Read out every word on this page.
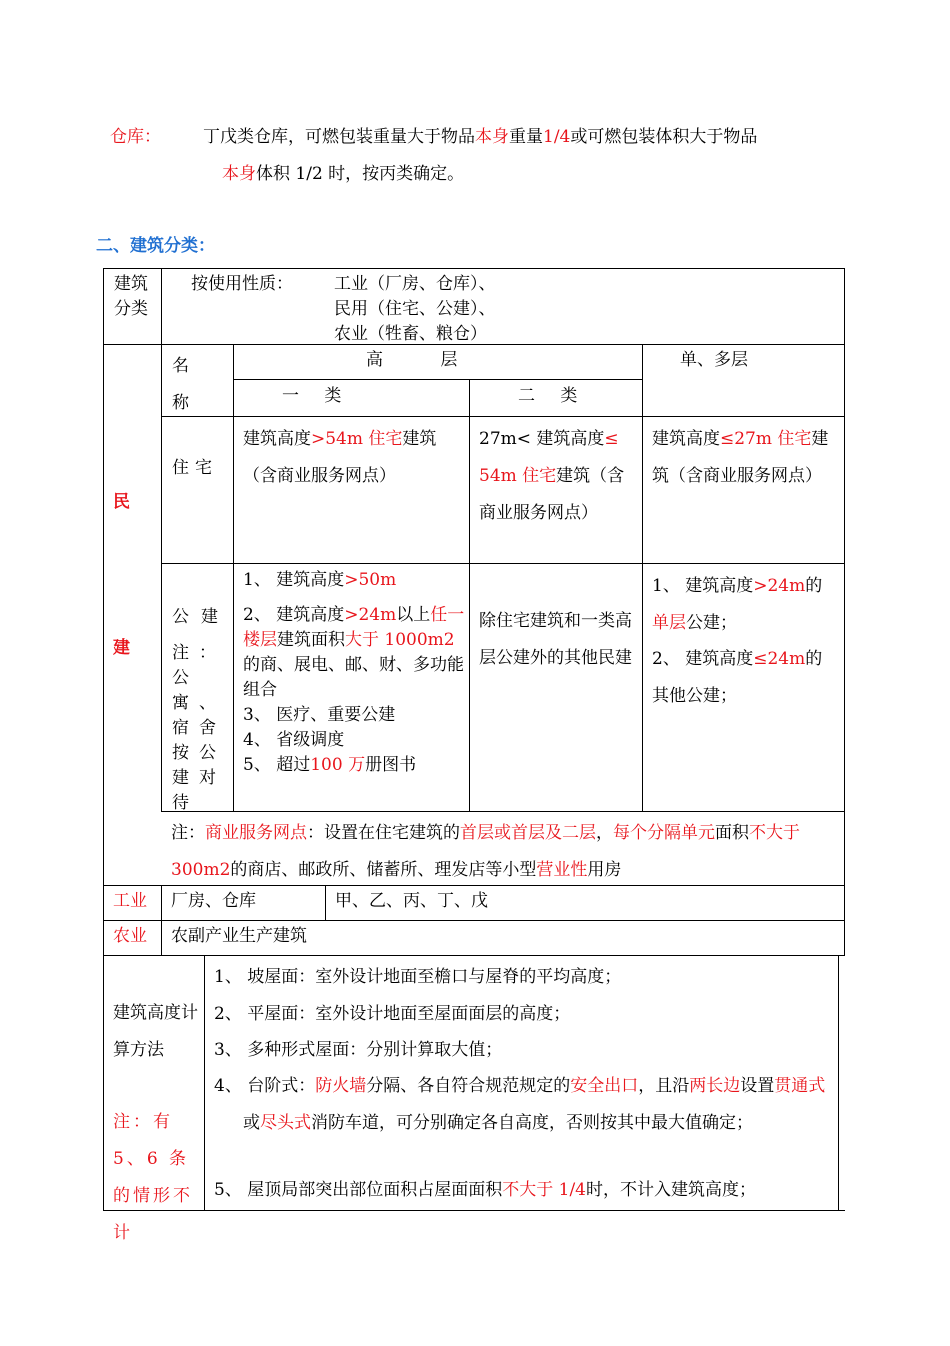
仓库： 丁戊类仓库，可燃包装重量大于物品本身重量1/4或可燃包装体积大于物品
本身体积 1/2 时，按丙类确定。
二、建筑分类：
建筑分类
按使用性质： 工业（厂房、仓库）、
民用（住宅、公建）、
农业（牲畜、粮仓）
民
建
名称
高 层
一 类	二 类
单、多层
住宅
建筑高度>54m 住宅建筑（含商业服务网点）
27m< 建筑高度≤ 54m 住宅建筑（含商业服务网点）
建筑高度≤27m 住宅建筑（含商业服务网点）
公建
注：公寓、宿舍按公建对待
1、 建筑高度>50m
2、 建筑高度>24m以上任一楼层建筑面积大于 1000m2的商、展电、邮、财、多功能组合
3、 医疗、重要公建
4、 省级调度
5、 超过100 万册图书
除住宅建筑和一类高层公建外的其他民建
1、 建筑高度>24m的单层公建；
2、 建筑高度≤24m的其他公建；
注：商业服务网点：设置在住宅建筑的首层或首层及二层，每个分隔单元面积不大于 300m2的商店、邮政所、储蓄所、理发店等小型营业性用房
工业 厂房、仓库	甲、乙、丙、丁、戊
农业 农副产业生产建筑
建筑高度计算方法
注：有 5、6 条的情形不计
1、 坡屋面：室外设计地面至檐口与屋脊的平均高度；
2、 平屋面：室外设计地面至屋面面层的高度；
3、 多种形式屋面：分别计算取大值；
4、 台阶式：防火墙分隔、各自符合规范规定的安全出口，且沿两长边设置贯通式或尽头式消防车道，可分别确定各自高度，否则按其中最大值确定；
5、 屋顶局部突出部位面积占屋面面积不大于 1/4时，不计入建筑高度；
